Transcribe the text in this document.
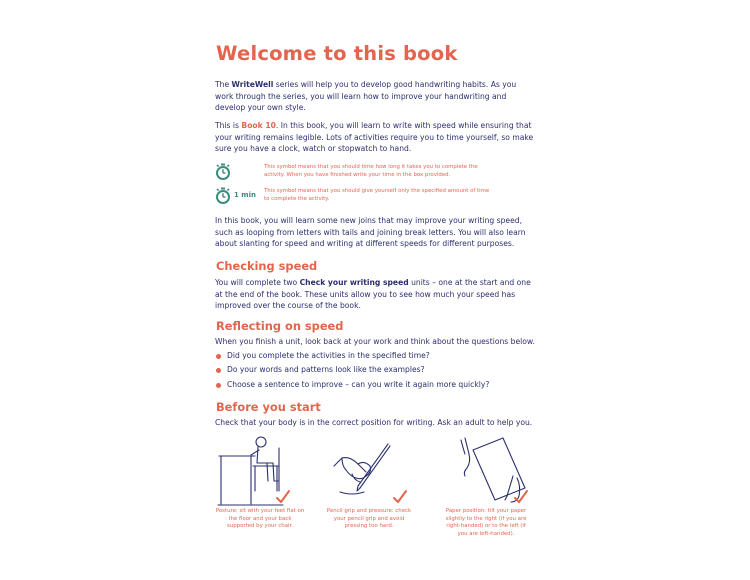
Welcome to this book

The WriteWell series will help you to develop good handwriting habits. As you work through the series, you will learn how to improve your handwriting and develop your own style.

This is Book 10. In this book, you will learn to write with speed while ensuring that your writing remains legible. Lots of activities require you to time yourself, so make sure you have a clock, watch or stopwatch to hand.

This symbol means that you should time how long it takes you to complete the activity. When you have finished write your time in the box provided.

1 min This symbol means that you should give yourself only the specified amount of time to complete the activity.

In this book, you will learn some new joins that may improve your writing speed, such as looping from letters with tails and joining break letters. You will also learn about slanting for speed and writing at different speeds for different purposes.

Checking speed

You will complete two Check your writing speed units – one at the start and one at the end of the book. These units allow you to see how much your speed has improved over the course of the book.

Reflecting on speed

When you finish a unit, look back at your work and think about the questions below.

Did you complete the activities in the specified time?
Do your words and patterns look like the examples?
Choose a sentence to improve – can you write it again more quickly?
Before you start

Check that your body is in the correct position for writing. Ask an adult to help you.

Posture: sit with your feet flat on the floor and your back supported by your chair.

Pencil grip and pressure: check your pencil grip and avoid pressing too hard.

Paper position: tilt your paper slightly to the right (if you are right-handed) or to the left (if you are left-handed).
